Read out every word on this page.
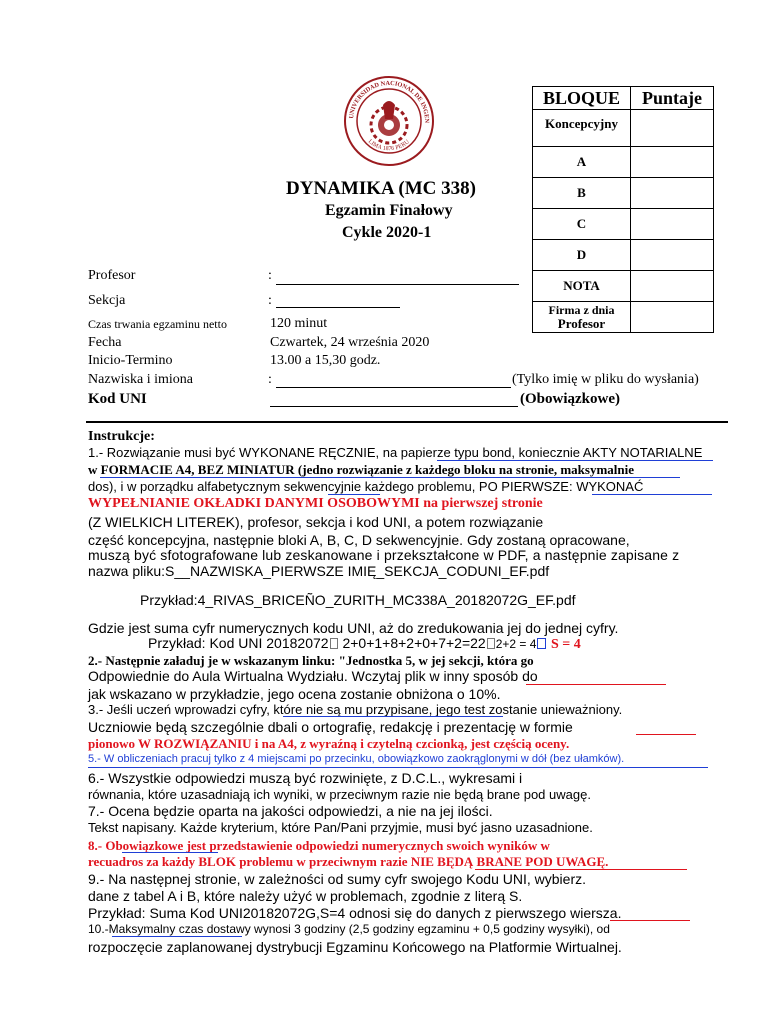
UNIVERSIDAD NACIONAL DE INGEN
LIMA 1876 PERU
BLOQUE	Puntaje
Koncepcyjny	
A	
B	
C	
D	
NOTA	

Firma z dnia
Profesor	

DYNAMIKA (MC 338)
Egzamin Finałowy
Cykle 2020-1
Profesor	:
Sekcja	:
Czas trwania egzaminu netto	120 minut
Fecha	Czwartek, 24 września 2020
Inicio-Termino	13.00 a 15,30 godz.
Nazwiska i imiona	:	(Tylko imię w pliku do wysłania)
Kod UNI	(Obowiązkowe)
Instrukcje:
1.- Rozwiązanie musi być WYKONANE RĘCZNIE, na papierze typu bond, koniecznie AKTY NOTARIALNE
w FORMACIE A4, BEZ MINIATUR (jedno rozwiązanie z każdego bloku na stronie, maksymalnie
dos), i w porządku alfabetycznym sekwencyjnie każdego problemu, PO PIERWSZE: WYKONAĆ
WYPEŁNIANIE OKŁADKI DANYMI OSOBOWYMI na pierwszej stronie
(Z WIELKICH LITEREK), profesor, sekcja i kod UNI, a potem rozwiązanie
część koncepcyjna, następnie bloki A, B, C, D sekwencyjnie. Gdy zostaną opracowane,
muszą być sfotografowane lub zeskanowane i przekształcone w PDF, a następnie zapisane z
nazwa pliku:S__NAZWISKA_PIERWSZE IMIĘ_SEKCJA_CODUNI_EF.pdf
Przykład:4_RIVAS_BRICEÑO_ZURITH_MC338A_20182072G_EF.pdf
Gdzie jest suma cyfr numerycznych kodu UNI, aż do zredukowania jej do jednej cyfry.
Przykład: Kod UNI 20182072 2+0+1+8+2+0+7+2=22 2+2 = 4 S = 4
2.- Następnie załaduj je w wskazanym linku: "Jednostka 5, w jej sekcji, która go
Odpowiednie do Aula Wirtualna Wydziału. Wczytaj plik w inny sposób do
jak wskazano w przykładzie, jego ocena zostanie obniżona o 10%.
3.- Jeśli uczeń wprowadzi cyfry, które nie są mu przypisane, jego test zostanie unieważniony.
Uczniowie będą szczególnie dbali o ortografię, redakcję i prezentację w formie
pionowo W ROZWIĄZANIU i na A4, z wyraźną i czytelną czcionką, jest częścią oceny.
5.- W obliczeniach pracuj tylko z 4 miejscami po przecinku, obowiązkowo zaokrąglonymi w dół (bez ułamków).
6.- Wszystkie odpowiedzi muszą być rozwinięte, z D.C.L., wykresami i
równania, które uzasadniają ich wyniki, w przeciwnym razie nie będą brane pod uwagę.
7.- Ocena będzie oparta na jakości odpowiedzi, a nie na jej ilości.
Tekst napisany. Każde kryterium, które Pan/Pani przyjmie, musi być jasno uzasadnione.
8.- Obowiązkowe jest przedstawienie odpowiedzi numerycznych swoich wyników w
recuadros za każdy BLOK problemu w przeciwnym razie NIE BĘDĄ BRANE POD UWAGĘ.
9.- Na następnej stronie, w zależności od sumy cyfr swojego Kodu UNI, wybierz.
dane z tabel A i B, które należy użyć w problemach, zgodnie z literą S.
Przykład: Suma Kod UNI20182072G,S=4 odnosi się do danych z pierwszego wiersza.
10.-Maksymalny czas dostawy wynosi 3 godziny (2,5 godziny egzaminu + 0,5 godziny wysyłki), od
rozpoczęcie zaplanowanej dystrybucji Egzaminu Końcowego na Platformie Wirtualnej.
